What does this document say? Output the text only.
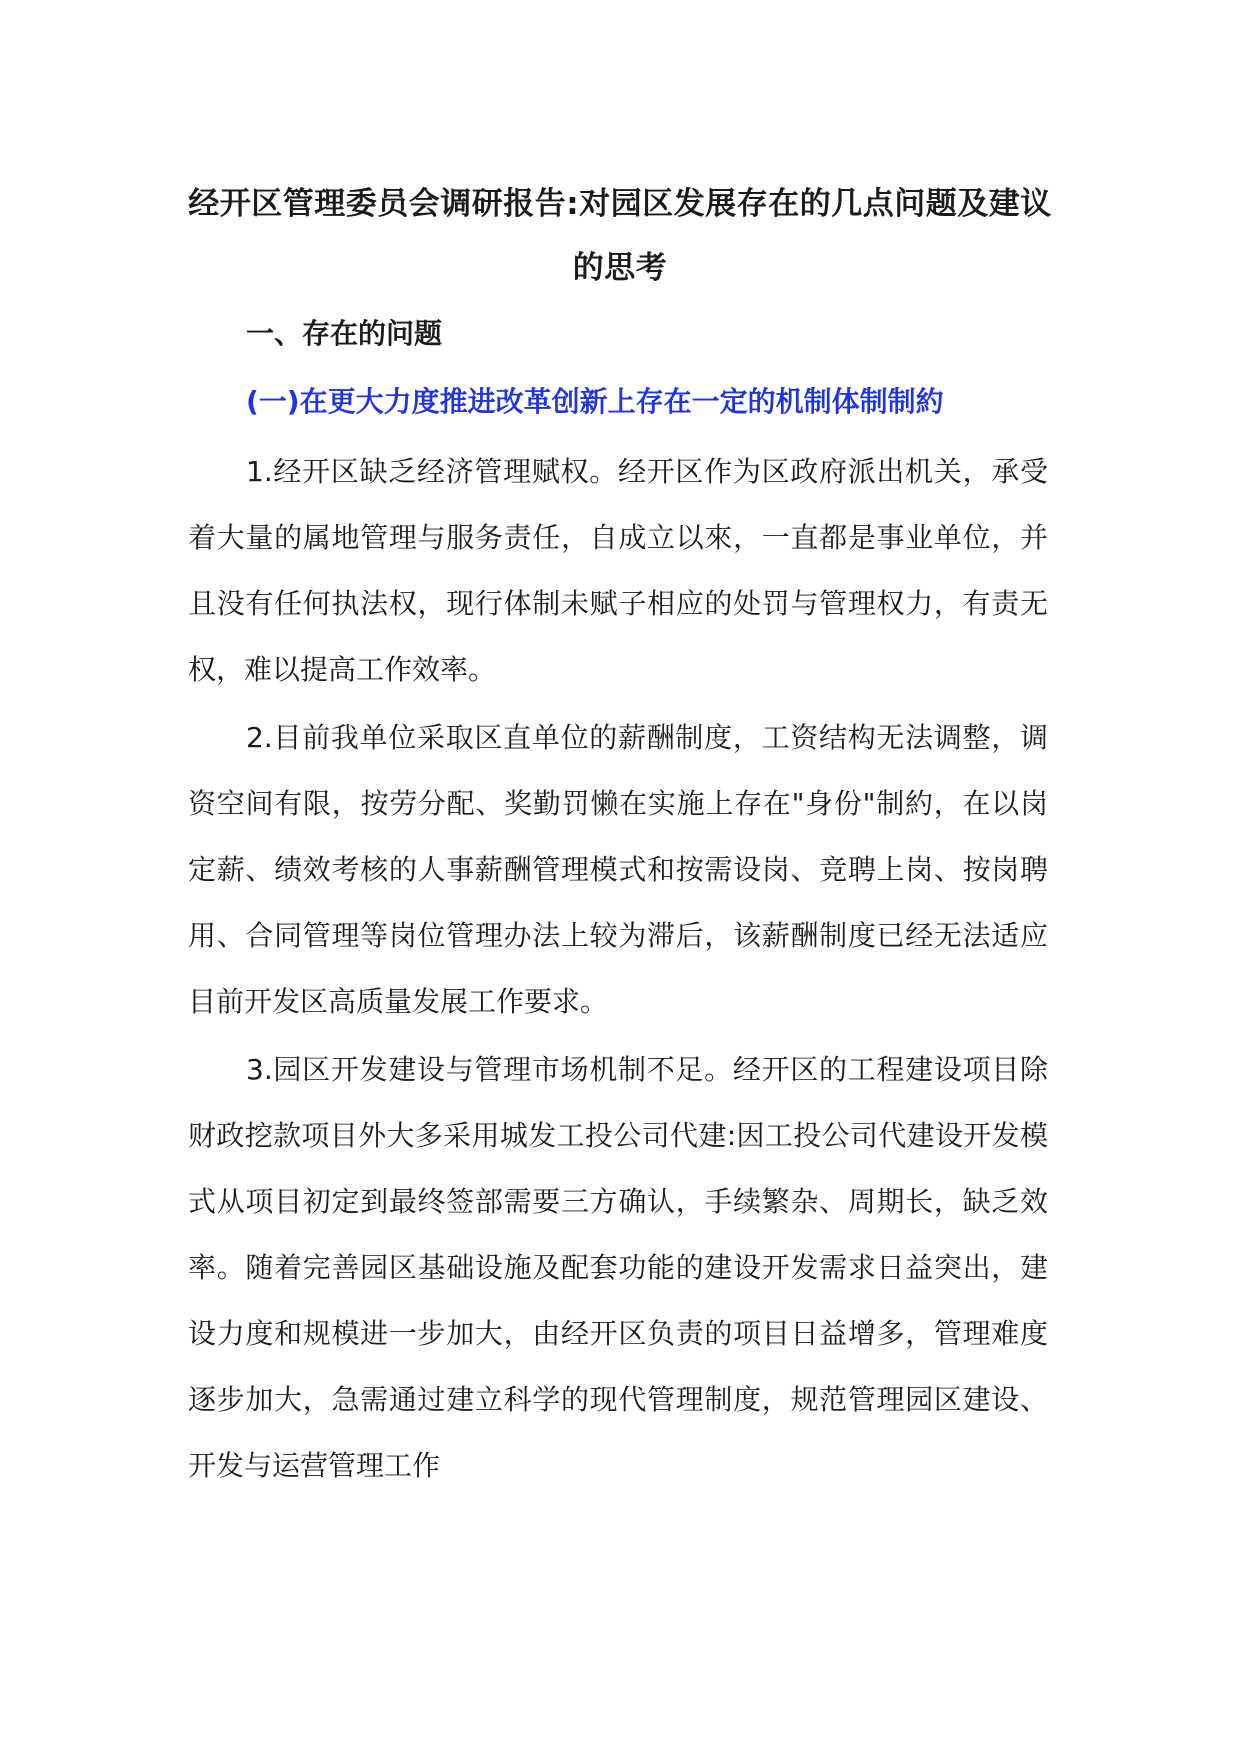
经开区管理委员会调研报告:对园区发展存在的几点问题及建议的思考
一、存在的问题
(一)在更大力度推进改革创新上存在一定的机制体制制約

1.经开区缺乏经济管理赋权。经开区作为区政府派出机关，承受着大量的属地管理与服务责任，自成立以來，一直都是事业单位，并且没有任何执法权，现行体制未赋子相应的处罚与管理权力，有责无权，难以提高工作效率。

2.目前我单位采取区直单位的薪酬制度，工资结构无法调整，调资空间有限，按劳分配、奖勤罚懒在实施上存在"身份"制約，在以岗定薪、绩效考核的人事薪酬管理模式和按需设岗、竞聘上岗、按岗聘用、合同管理等岗位管理办法上较为滞后，该薪酬制度已经无法适应目前开发区高质量发展工作要求。

3.园区开发建设与管理市场机制不足。经开区的工程建设项目除财政挖款项目外大多采用城发工投公司代建:因工投公司代建设开发模式从项目初定到最终签部需要三方确认，手续繁杂、周期长，缺乏效率。随着完善园区基础设施及配套功能的建设开发需求日益突出，建设力度和规模进一步加大，由经开区负责的项目日益增多，管理难度逐步加大，急需通过建立科学的现代管理制度，规范管理园区建设、开发与运营管理工作
